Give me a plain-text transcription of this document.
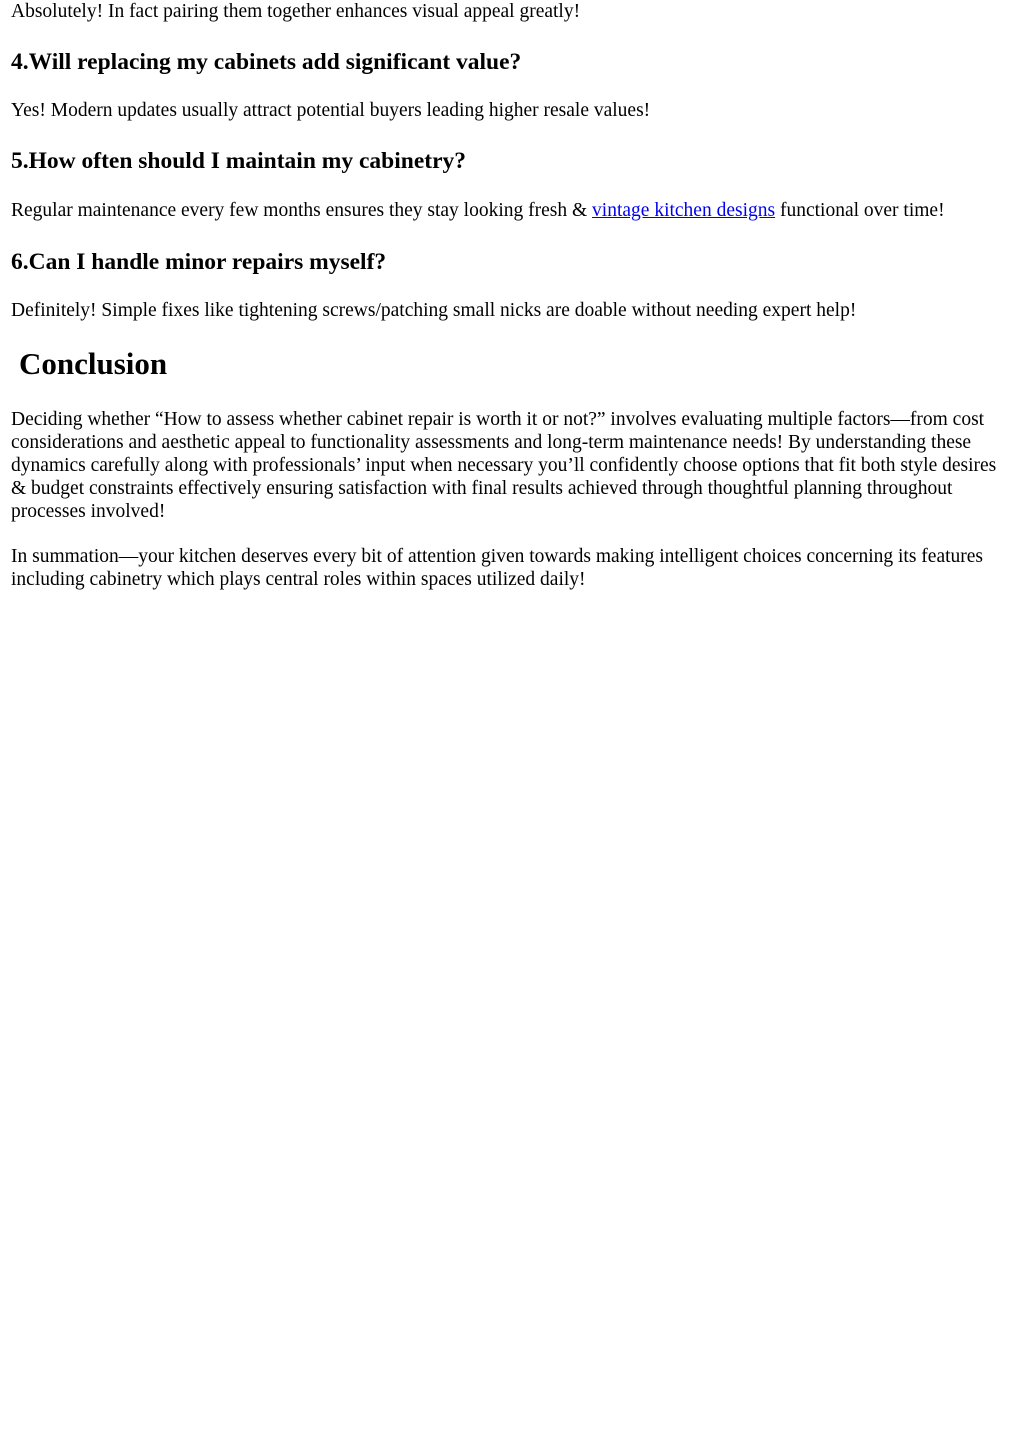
Absolutely! In fact pairing them together enhances visual appeal greatly!

4.Will replacing my cabinets add significant value?

Yes! Modern updates usually attract potential buyers leading higher resale values!

5.How often should I maintain my cabinetry?

Regular maintenance every few months ensures they stay looking fresh & vintage kitchen designs functional over time!

6.Can I handle minor repairs myself?

Definitely! Simple fixes like tightening screws/patching small nicks are doable without needing expert help!

Conclusion

Deciding whether “How to assess whether cabinet repair is worth it or not?” involves evaluating multiple factors—from cost considerations and aesthetic appeal to functionality assessments and long-term maintenance needs! By understanding these dynamics carefully along with professionals’ input when necessary you’ll confidently choose options that fit both style desires & budget constraints effectively ensuring satisfaction with final results achieved through thoughtful planning throughout processes involved!

In summation—your kitchen deserves every bit of attention given towards making intelligent choices concerning its features including cabinetry which plays central roles within spaces utilized daily!
